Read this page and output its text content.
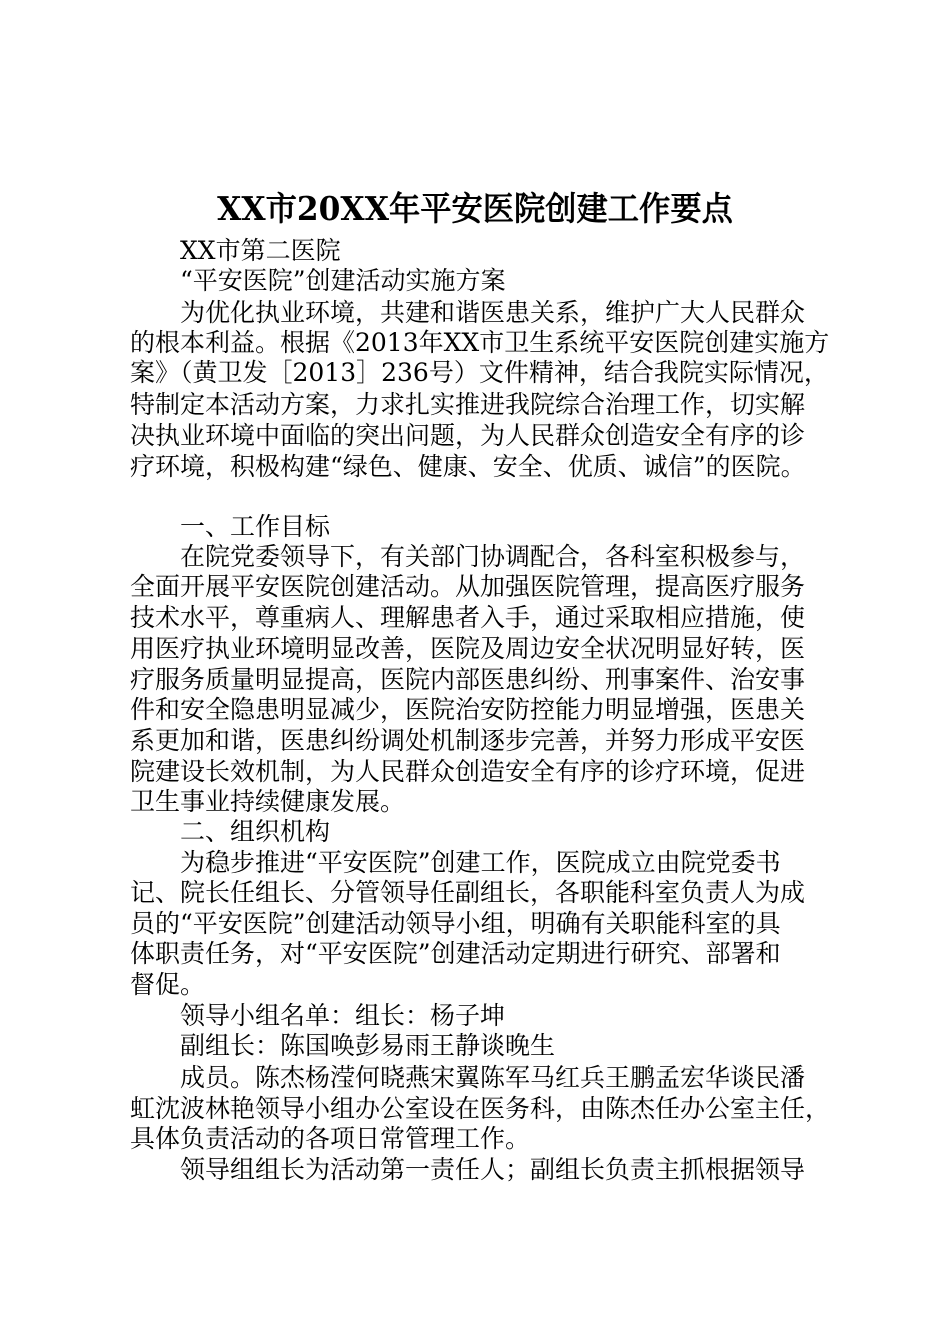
XX市20XX年平安医院创建工作要点
XX市第二医院
“平安医院”创建活动实施方案
为优化执业环境，共建和谐医患关系，维护广大人民群众
的根本利益。根据《2013年XX市卫生系统平安医院创建实施方
案》（黄卫发［2013］236号）文件精神，结合我院实际情况，
特制定本活动方案，力求扎实推进我院综合治理工作，切实解
决执业环境中面临的突出问题，为人民群众创造安全有序的诊
疗环境，积极构建“绿色、健康、安全、优质、诚信”的医院。
一、工作目标
在院党委领导下，有关部门协调配合，各科室积极参与，
全面开展平安医院创建活动。从加强医院管理，提高医疗服务
技术水平，尊重病人、理解患者入手，通过采取相应措施，使
用医疗执业环境明显改善，医院及周边安全状况明显好转，医
疗服务质量明显提高，医院内部医患纠纷、刑事案件、治安事
件和安全隐患明显减少，医院治安防控能力明显增强，医患关
系更加和谐，医患纠纷调处机制逐步完善，并努力形成平安医
院建设长效机制，为人民群众创造安全有序的诊疗环境，促进
卫生事业持续健康发展。
二、组织机构
为稳步推进“平安医院”创建工作，医院成立由院党委书
记、院长任组长、分管领导任副组长，各职能科室负责人为成
员的“平安医院”创建活动领导小组，明确有关职能科室的具
体职责任务，对“平安医院”创建活动定期进行研究、部署和
督促。
领导小组名单：组长：杨子坤
副组长：陈国唤彭易雨王静谈晚生
成员。陈杰杨滢何晓燕宋翼陈军马红兵王鹏孟宏华谈民潘
虹沈波林艳领导小组办公室设在医务科，由陈杰任办公室主任，
具体负责活动的各项日常管理工作。
领导组组长为活动第一责任人；副组长负责主抓根据领导
